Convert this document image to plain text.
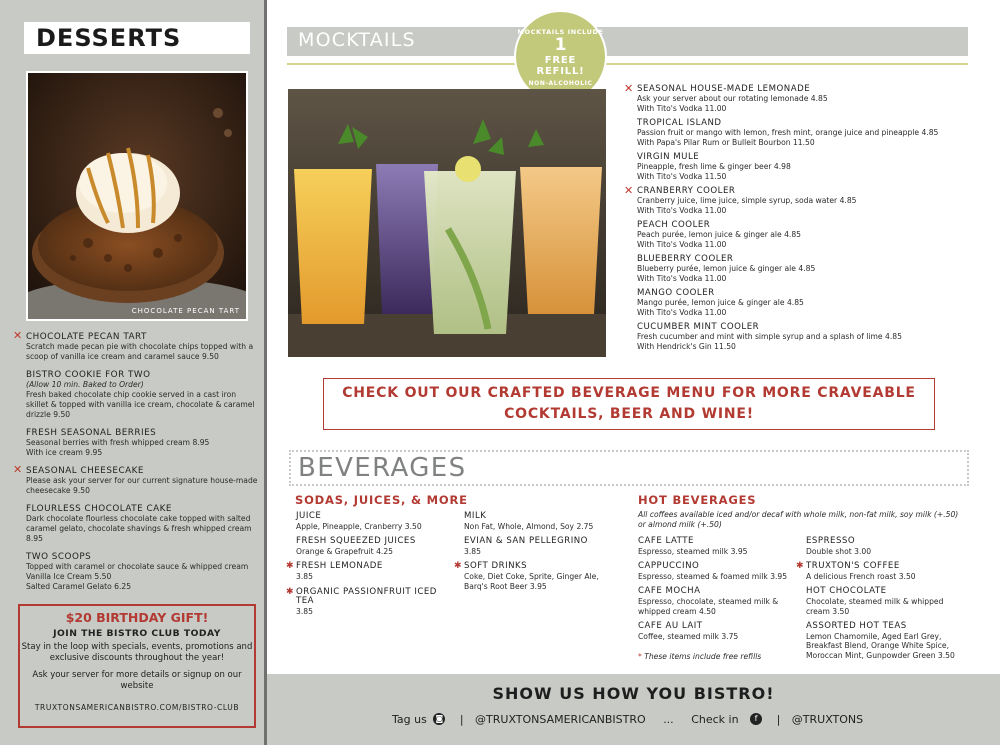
DESSERTS
CHOCOLATE PECAN TART
✕ CHOCOLATE PECAN TART
Scratch made pecan pie with chocolate chips topped with a scoop of vanilla ice cream and caramel sauce 9.50
BISTRO COOKIE FOR TWO
(Allow 10 min. Baked to Order)
Fresh baked chocolate chip cookie served in a cast iron skillet & topped with vanilla ice cream, chocolate & caramel drizzle 9.50
FRESH SEASONAL BERRIES
Seasonal berries with fresh whipped cream 8.95
With ice cream 9.95
✕ SEASONAL CHEESECAKE
Please ask your server for our current signature house-made cheesecake 9.50
FLOURLESS CHOCOLATE CAKE
Dark chocolate flourless chocolate cake topped with salted caramel gelato, chocolate shavings & fresh whipped cream 8.95
TWO SCOOPS
Topped with caramel or chocolate sauce & whipped cream
Vanilla Ice Cream 5.50
Salted Caramel Gelato 6.25
$20 BIRTHDAY GIFT!
JOIN THE BISTRO CLUB TODAY
Stay in the loop with specials, events, promotions and exclusive discounts throughout the year!
Ask your server for more details or signup on our website
TRUXTONSAMERICANBISTRO.COM/BISTRO-CLUB
MOCKTAILS	MOCKTAILS INCLUDE
1
FREE
REFILL!
NON-ALCOHOLIC	✕ SEASONAL HOUSE-MADE LEMONADE
Ask your server about our rotating lemonade 4.85
With Tito's Vodka 11.00
TROPICAL ISLAND
Passion fruit or mango with lemon, fresh mint, orange juice and pineapple 4.85
With Papa's Pilar Rum or Bulleit Bourbon 11.50
VIRGIN MULE
Pineapple, fresh lime & ginger beer 4.98
With Tito's Vodka 11.50
✕ CRANBERRY COOLER
Cranberry juice, lime juice, simple syrup, soda water 4.85
With Tito's Vodka 11.00
PEACH COOLER
Peach purée, lemon juice & ginger ale 4.85
With Tito's Vodka 11.00
BLUEBERRY COOLER
Blueberry purée, lemon juice & ginger ale 4.85
With Tito's Vodka 11.00
MANGO COOLER
Mango purée, lemon juice & ginger ale 4.85
With Tito's Vodka 11.00
CUCUMBER MINT COOLER
Fresh cucumber and mint with simple syrup and a splash of lime 4.85
With Hendrick's Gin 11.50
CHECK OUT OUR CRAFTED BEVERAGE MENU FOR MORE CRAVEABLE
COCKTAILS, BEER AND WINE!
BEVERAGES
SODAS, JUICES, & MORE	HOT BEVERAGES
JUICE
Apple, Pineapple, Cranberry 3.50
FRESH SQUEEZED JUICES
Orange & Grapefruit 4.25
✱ FRESH LEMONADE
3.85
✱ ORGANIC PASSIONFRUIT ICED TEA
3.85
MILK
Non Fat, Whole, Almond, Soy 2.75
EVIAN & SAN PELLEGRINO
3.85
✱ SOFT DRINKS
Coke, Diet Coke, Sprite, Ginger Ale, Barq's Root Beer 3.95
All coffees available iced and/or decaf with whole milk, non-fat milk, soy milk (+.50) or almond milk (+.50)
CAFE LATTE
Espresso, steamed milk 3.95
CAPPUCCINO
Espresso, steamed & foamed milk 3.95
CAFE MOCHA
Espresso, chocolate, steamed milk & whipped cream 4.50
CAFE AU LAIT
Coffee, steamed milk 3.75
ESPRESSO
Double shot 3.00
✱ TRUXTON'S COFFEE
A delicious French roast 3.50
HOT CHOCOLATE
Chocolate, steamed milk & whipped cream 3.50
ASSORTED HOT TEAS
Lemon Chamomile, Aged Earl Grey, Breakfast Blend, Orange White Spice, Moroccan Mint, Gunpowder Green 3.50
* These items include free refills
SHOW US HOW YOU BISTRO!
Tag us ◙ | @TRUXTONSAMERICANBISTRO ... Check in f | @TRUXTONS
